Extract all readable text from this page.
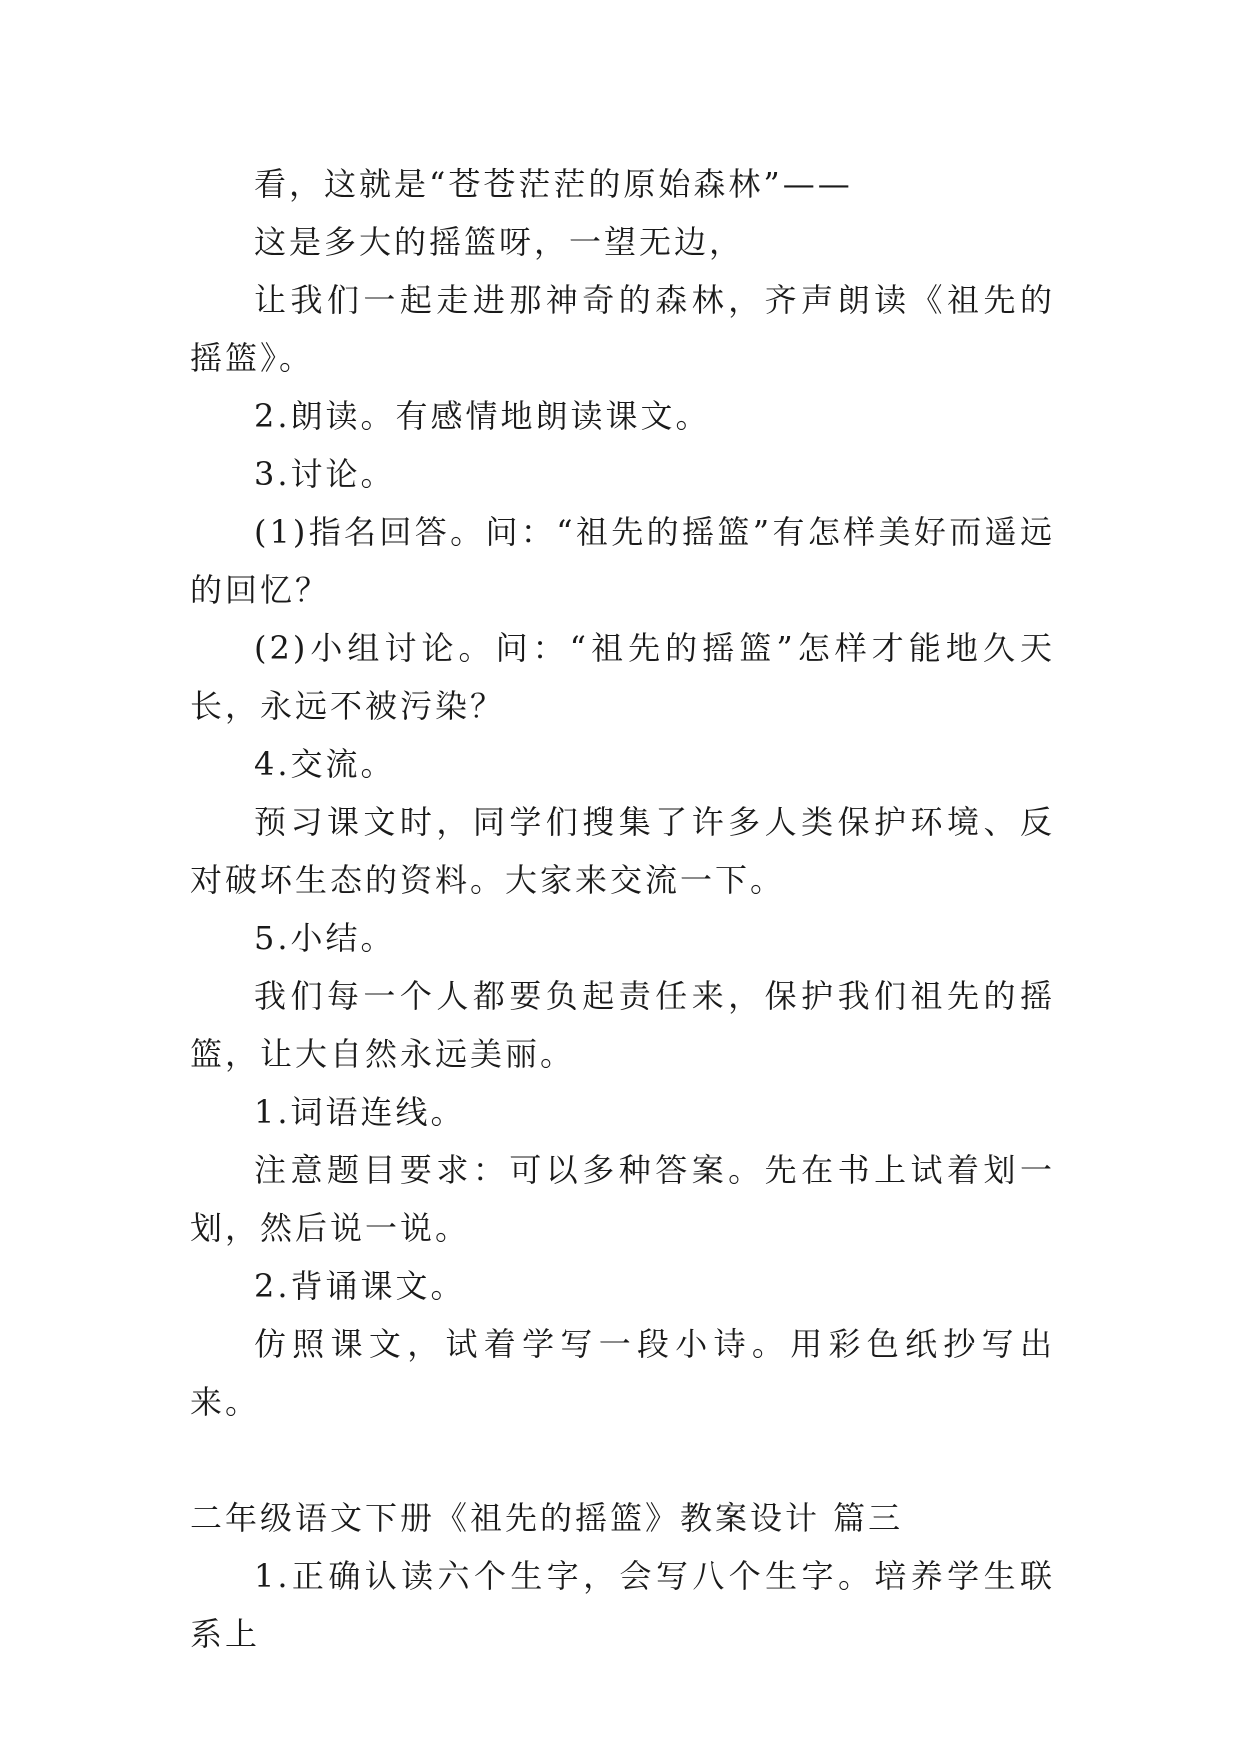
看，这就是“苍苍茫茫的原始森林”——

这是多大的摇篮呀，一望无边，

让我们一起走进那神奇的森林，齐声朗读《祖先的摇篮》。

2.朗读。有感情地朗读课文。

3.讨论。

(1)指名回答。问：“祖先的摇篮”有怎样美好而遥远的回忆？

(2)小组讨论。问：“祖先的摇篮”怎样才能地久天长，永远不被污染？

4.交流。

预习课文时，同学们搜集了许多人类保护环境、反对破坏生态的资料。大家来交流一下。

5.小结。

我们每一个人都要负起责任来，保护我们祖先的摇篮，让大自然永远美丽。

1.词语连线。

注意题目要求：可以多种答案。先在书上试着划一划，然后说一说。

2.背诵课文。

仿照课文，试着学写一段小诗。用彩色纸抄写出来。

二年级语文下册《祖先的摇篮》教案设计 篇三

1.正确认读六个生字，会写八个生字。培养学生联系上
